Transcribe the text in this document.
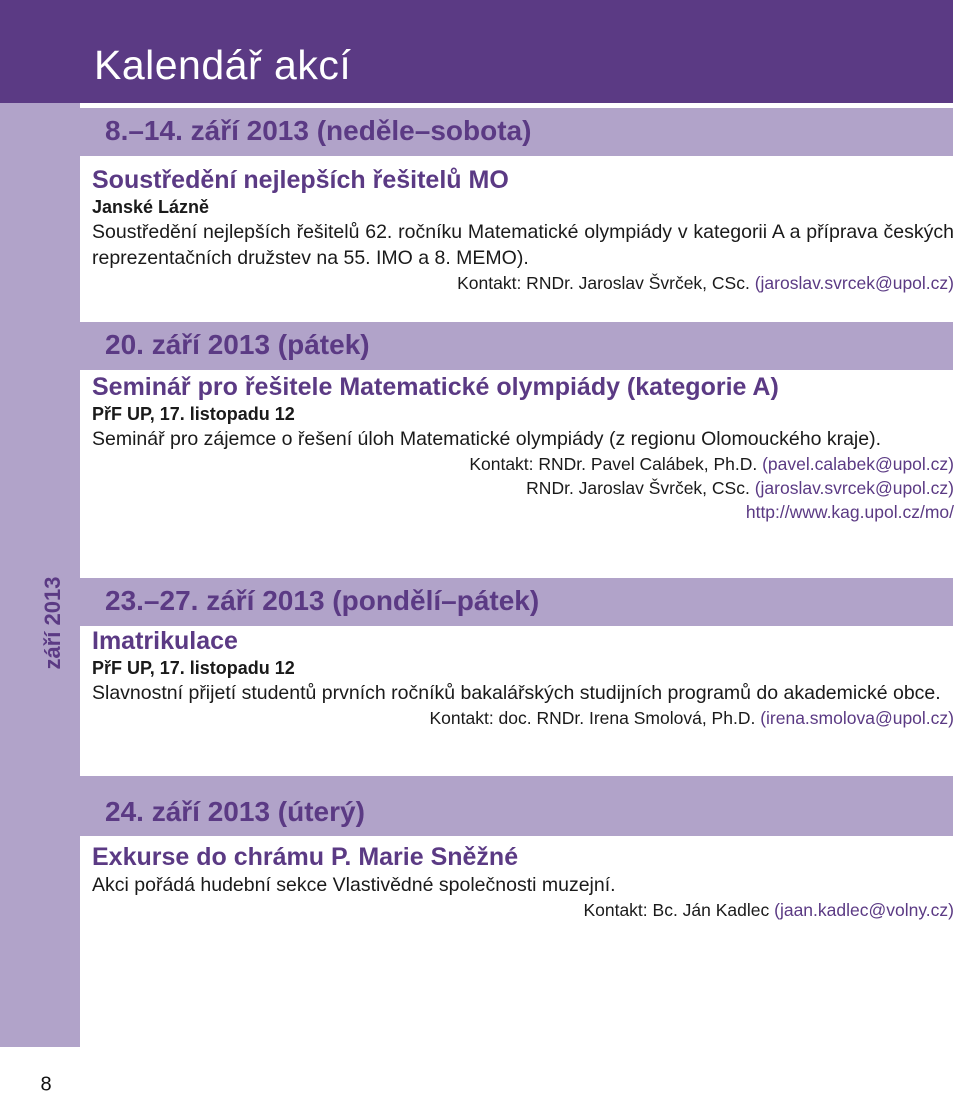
Kalendář akcí
září 2013
8
8.–14. září 2013 (neděle–sobota)
Soustředění nejlepších řešitelů MO
Janské Lázně
Soustředění nejlepších řešitelů 62. ročníku Matematické olympiády v kategorii A a příprava českých reprezentačních družstev na 55. IMO a 8. MEMO).
Kontakt: RNDr. Jaroslav Švrček, CSc. (jaroslav.svrcek@upol.cz)
20. září 2013 (pátek)
Seminář pro řešitele Matematické olympiády (kategorie A)
PřF UP, 17. listopadu 12
Seminář pro zájemce o řešení úloh Matematické olympiády (z regionu Olomouckého kraje).
Kontakt: RNDr. Pavel Calábek, Ph.D. (pavel.calabek@upol.cz)
RNDr. Jaroslav Švrček, CSc. (jaroslav.svrcek@upol.cz)
http://www.kag.upol.cz/mo/
23.–27. září 2013 (pondělí–pátek)
Imatrikulace
PřF UP, 17. listopadu 12
Slavnostní přijetí studentů prvních ročníků bakalářských studijních programů do akademické obce.
Kontakt: doc. RNDr. Irena Smolová, Ph.D. (irena.smolova@upol.cz)
24. září 2013 (úterý)
Exkurse do chrámu P. Marie Sněžné
Akci pořádá hudební sekce Vlastivědné společnosti muzejní.
Kontakt: Bc. Ján Kadlec (jaan.kadlec@volny.cz)
